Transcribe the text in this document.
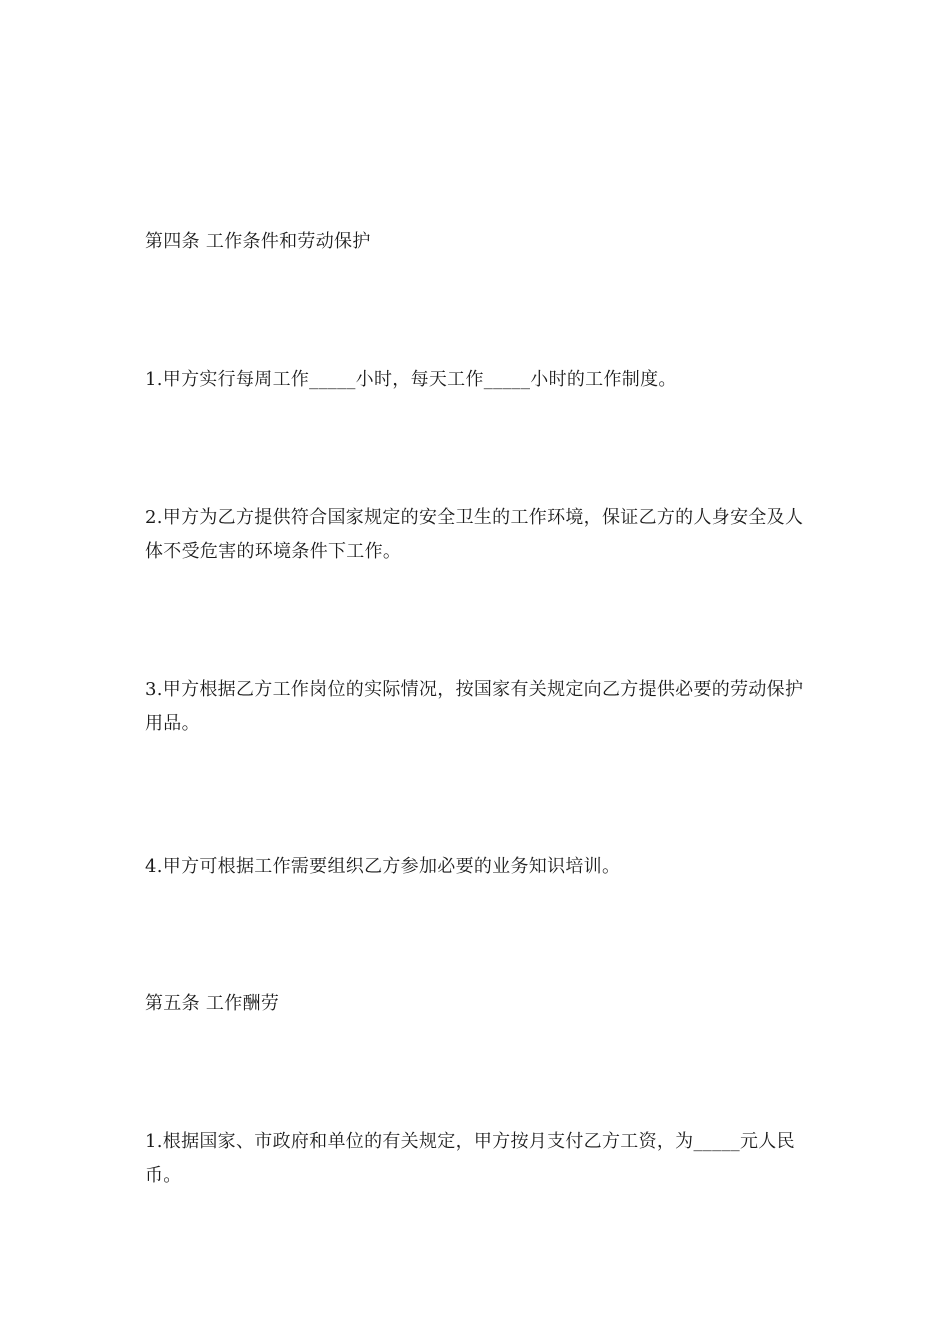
第四条 工作条件和劳动保护

1.甲方实行每周工作_____小时，每天工作_____小时的工作制度。

2.甲方为乙方提供符合国家规定的安全卫生的工作环境，保证乙方的人身安全及人体不受危害的环境条件下工作。

3.甲方根据乙方工作岗位的实际情况，按国家有关规定向乙方提供必要的劳动保护用品。

4.甲方可根据工作需要组织乙方参加必要的业务知识培训。

第五条 工作酬劳

1.根据国家、市政府和单位的有关规定，甲方按月支付乙方工资，为_____元人民币。
